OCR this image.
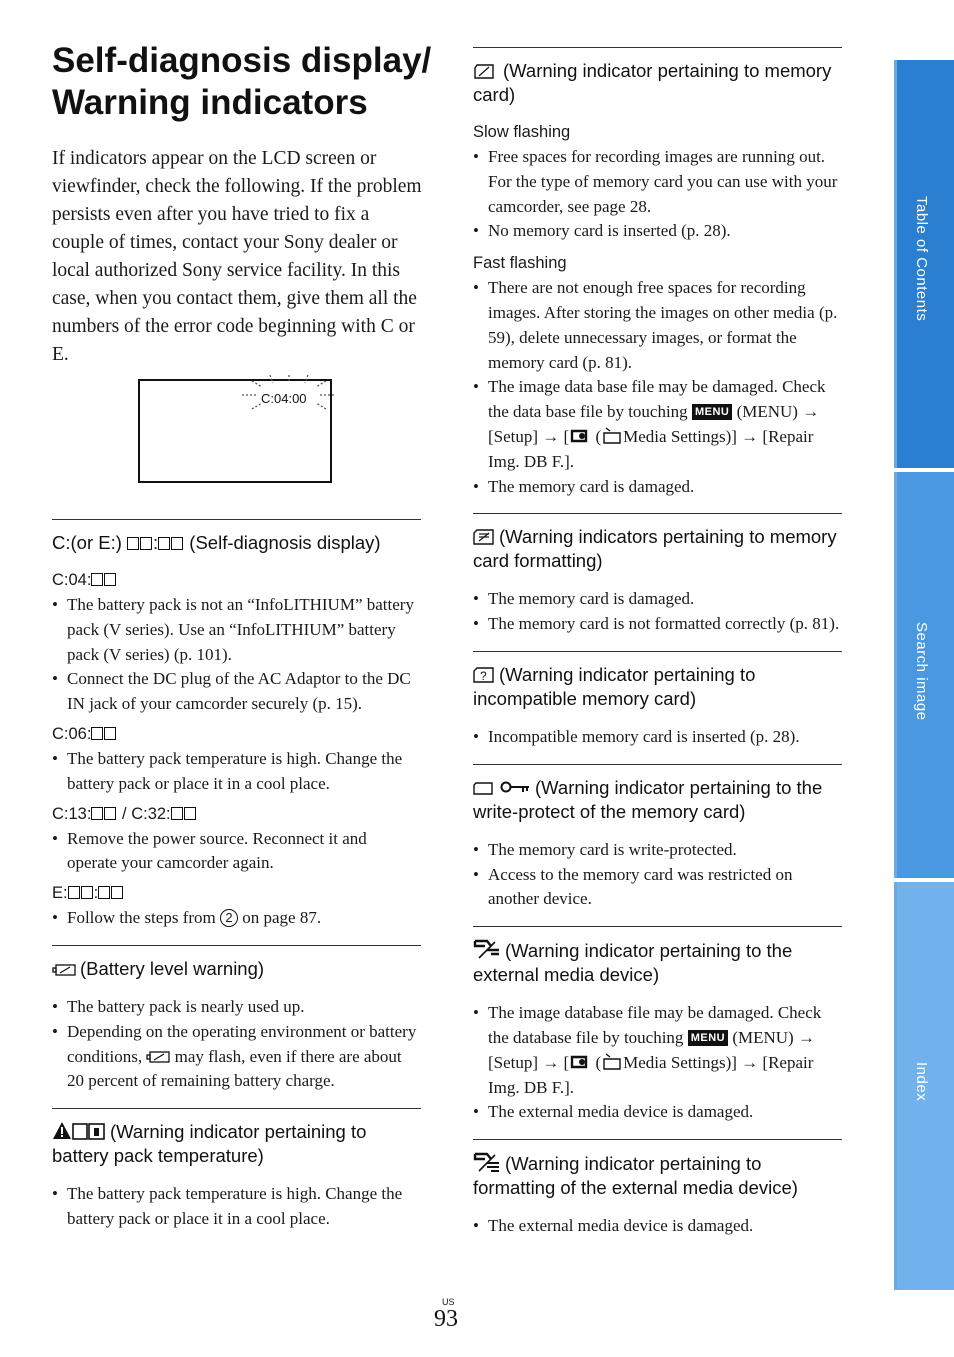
Self-diagnosis display/ Warning indicators

If indicators appear on the LCD screen or viewfinder, check the following. If the problem persists even after you have tried to fix a couple of times, contact your Sony dealer or local authorized Sony service facility. In this case, when you contact them, give them all the numbers of the error code beginning with C or E.

C:04:00
C:(or E:) : (Self-diagnosis display)
C:04:
• The battery pack is not an “InfoLITHIUM” battery pack (V series). Use an “InfoLITHIUM” battery pack (V series) (p. 101).
• Connect the DC plug of the AC Adaptor to the DC IN jack of your camcorder securely (p. 15).
C:06:
• The battery pack temperature is high. Change the battery pack or place it in a cool place.
C:13: / C:32:
• Remove the power source. Reconnect it and operate your camcorder again.
E: :
• Follow the steps from 2 on page 87.
(Battery level warning)
• The battery pack is nearly used up.
• Depending on the operating environment or battery conditions,  may flash, even if there are about 20 percent of remaining battery charge.
(Warning indicator pertaining to battery pack temperature)
• The battery pack temperature is high. Change the battery pack or place it in a cool place.
(Warning indicator pertaining to memory card)
Slow flashing
• Free spaces for recording images are running out. For the type of memory card you can use with your camcorder, see page 28.
• No memory card is inserted (p. 28).
Fast flashing
• There are not enough free spaces for recording images. After storing the images on other media (p. 59), delete unnecessary images, or format the memory card (p. 81).
• The image data base file may be damaged. Check the data base file by touching MENU (MENU) → [Setup] → [ ( Media Settings)] → [Repair Img. DB F.].
• The memory card is damaged.
(Warning indicators pertaining to memory card formatting)
• The memory card is damaged.
• The memory card is not formatted correctly (p. 81).
? (Warning indicator pertaining to incompatible memory card)
• Incompatible memory card is inserted (p. 28).
(Warning indicator pertaining to the write-protect of the memory card)
• The memory card is write-protected.
• Access to the memory card was restricted on another device.
(Warning indicator pertaining to the external media device)
• The image database file may be damaged. Check the database file by touching MENU (MENU) → [Setup] → [ ( Media Settings)] → [Repair Img. DB F.].
• The external media device is damaged.
(Warning indicator pertaining to formatting of the external media device)
• The external media device is damaged.
Table of Contents
Search image
Index
US
93
